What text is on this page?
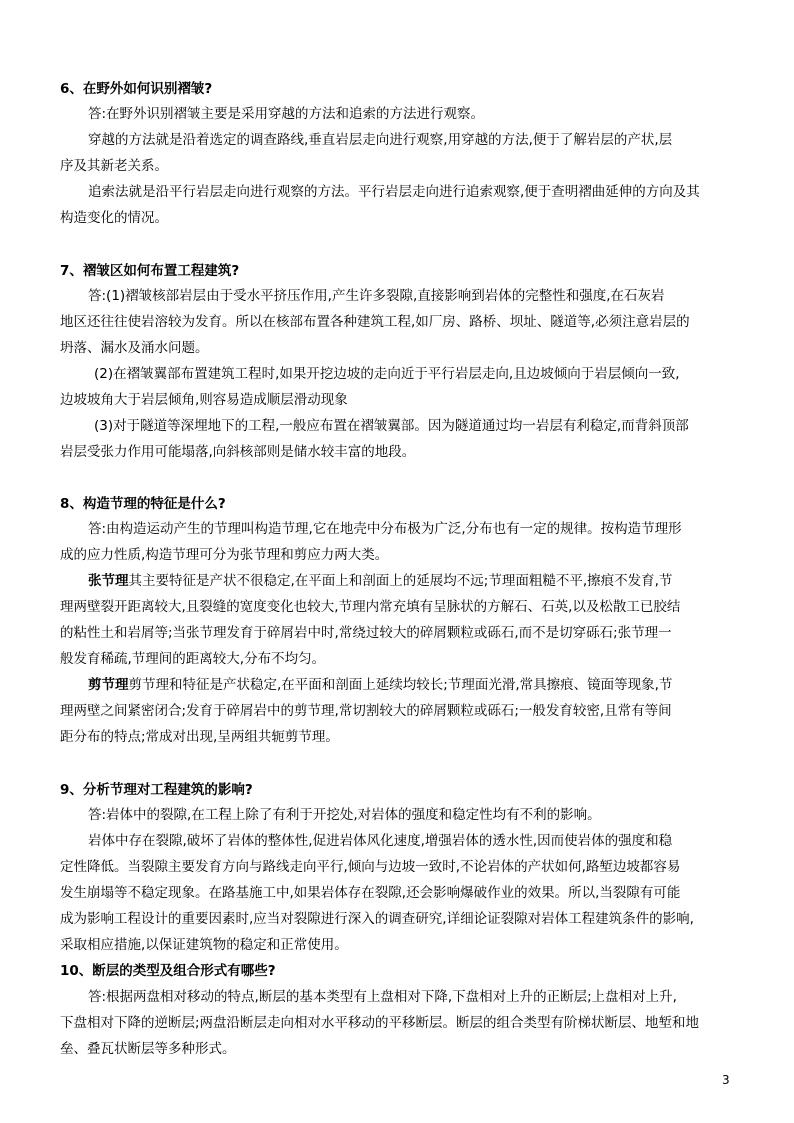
6、在野外如何识别褶皱?
答:在野外识别褶皱主要是采用穿越的方法和追索的方法进行观察。
穿越的方法就是沿着选定的调查路线,垂直岩层走向进行观察,用穿越的方法,便于了解岩层的产状,层
序及其新老关系。
追索法就是沿平行岩层走向进行观察的方法。平行岩层走向进行追索观察,便于查明褶曲延伸的方向及其
构造变化的情况。
7、褶皱区如何布置工程建筑?
答:(1)褶皱核部岩层由于受水平挤压作用,产生许多裂隙,直接影响到岩体的完整性和强度,在石灰岩
地区还往往使岩溶较为发育。所以在核部布置各种建筑工程,如厂房、路桥、坝址、隧道等,必须注意岩层的
坍落、漏水及涌水问题。
(2)在褶皱翼部布置建筑工程时,如果开挖边坡的走向近于平行岩层走向,且边坡倾向于岩层倾向一致,
边坡坡角大于岩层倾角,则容易造成顺层滑动现象
(3)对于隧道等深埋地下的工程,一般应布置在褶皱翼部。因为隧道通过均一岩层有利稳定,而背斜顶部
岩层受张力作用可能塌落,向斜核部则是储水较丰富的地段。
8、构造节理的特征是什么?
答:由构造运动产生的节理叫构造节理,它在地壳中分布极为广泛,分布也有一定的规律。按构造节理形
成的应力性质,构造节理可分为张节理和剪应力两大类。
张节理其主要特征是产状不很稳定,在平面上和剖面上的延展均不远;节理面粗糙不平,擦痕不发育,节
理两壁裂开距离较大,且裂缝的宽度变化也较大,节理内常充填有呈脉状的方解石、石英,以及松散工已胶结
的粘性土和岩屑等;当张节理发育于碎屑岩中时,常绕过较大的碎屑颗粒或砾石,而不是切穿砾石;张节理一
般发育稀疏,节理间的距离较大,分布不均匀。
剪节理剪节理和特征是产状稳定,在平面和剖面上延续均较长;节理面光滑,常具擦痕、镜面等现象,节
理两壁之间紧密闭合;发育于碎屑岩中的剪节理,常切割较大的碎屑颗粒或砾石;一般发育较密,且常有等间
距分布的特点;常成对出现,呈两组共轭剪节理。
9、分析节理对工程建筑的影响?
答:岩体中的裂隙,在工程上除了有利于开挖处,对岩体的强度和稳定性均有不利的影响。
岩体中存在裂隙,破坏了岩体的整体性,促进岩体风化速度,增强岩体的透水性,因而使岩体的强度和稳
定性降低。当裂隙主要发育方向与路线走向平行,倾向与边坡一致时,不论岩体的产状如何,路堑边坡都容易
发生崩塌等不稳定现象。在路基施工中,如果岩体存在裂隙,还会影响爆破作业的效果。所以,当裂隙有可能
成为影响工程设计的重要因素时,应当对裂隙进行深入的调查研究,详细论证裂隙对岩体工程建筑条件的影响,
采取相应措施,以保证建筑物的稳定和正常使用。
10、断层的类型及组合形式有哪些?
答:根据两盘相对移动的特点,断层的基本类型有上盘相对下降,下盘相对上升的正断层;上盘相对上升,
下盘相对下降的逆断层;两盘沿断层走向相对水平移动的平移断层。断层的组合类型有阶梯状断层、地堑和地
垒、叠瓦状断层等多种形式。
3
